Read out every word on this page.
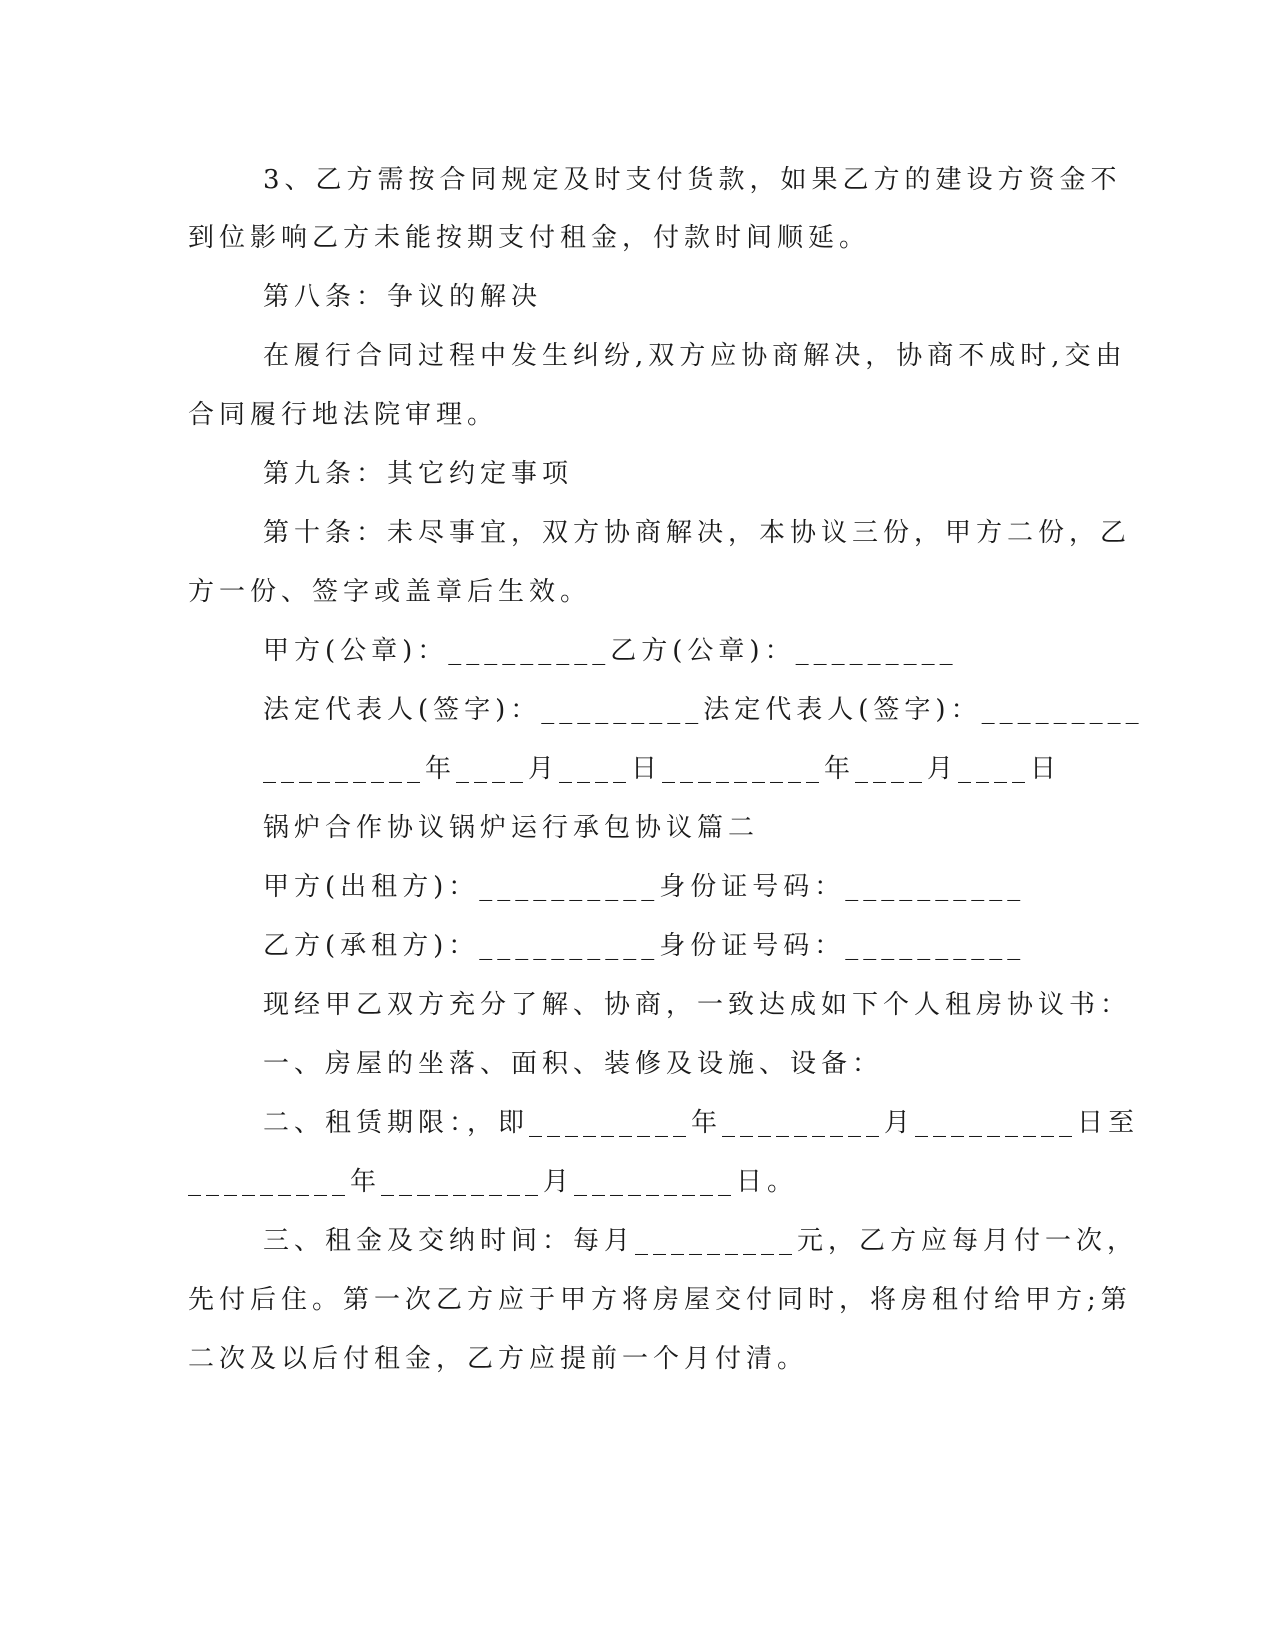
3、乙方需按合同规定及时支付货款，如果乙方的建设方资金不
到位影响乙方未能按期支付租金，付款时间顺延。
第八条：争议的解决
在履行合同过程中发生纠纷,双方应协商解决，协商不成时,交由
合同履行地法院审理。
第九条：其它约定事项
第十条：未尽事宜，双方协商解决，本协议三份，甲方二份，乙
方一份、签字或盖章后生效。
甲方(公章)：_________乙方(公章)：_________
法定代表人(签字)：_________法定代表人(签字)：_________
_________年____月____日_________年____月____日
锅炉合作协议锅炉运行承包协议篇二
甲方(出租方)：__________身份证号码：__________
乙方(承租方)：__________身份证号码：__________
现经甲乙双方充分了解、协商，一致达成如下个人租房协议书：
一、房屋的坐落、面积、装修及设施、设备：
二、租赁期限：，即_________年_________月_________日至
_________年_________月_________日。
三、租金及交纳时间：每月_________元，乙方应每月付一次，
先付后住。第一次乙方应于甲方将房屋交付同时，将房租付给甲方;第
二次及以后付租金，乙方应提前一个月付清。
